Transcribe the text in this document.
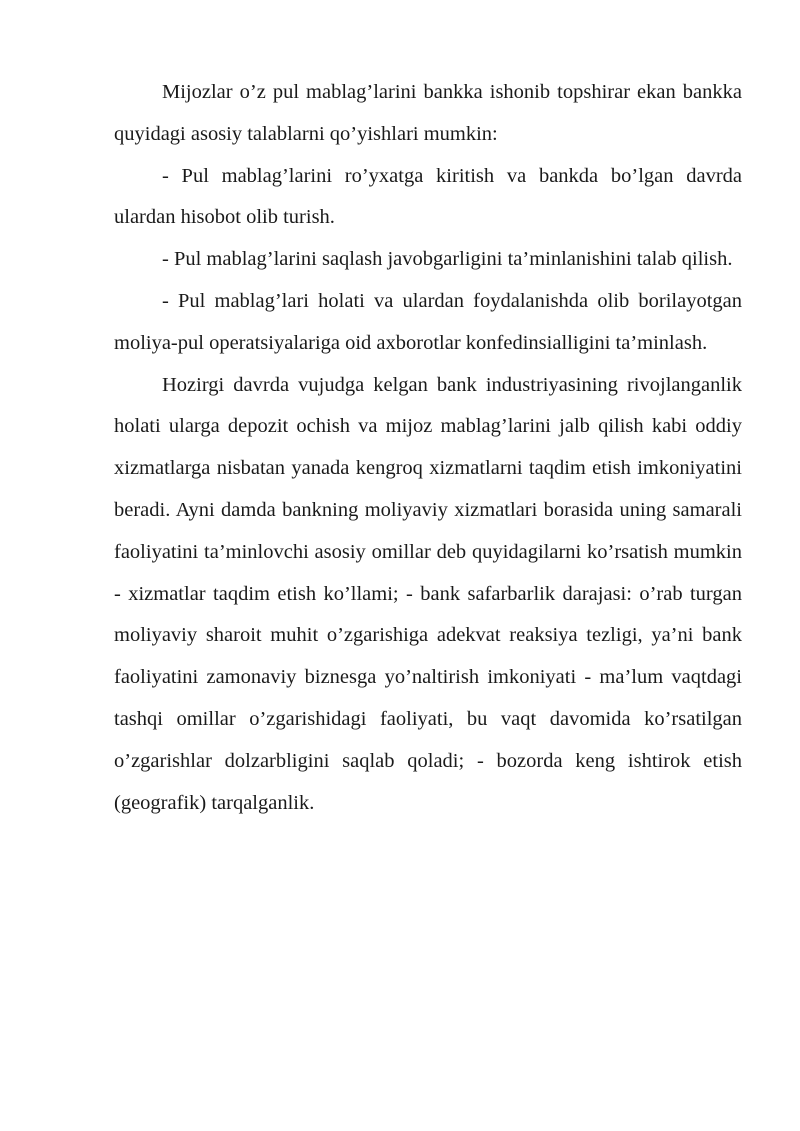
Mijozlar o’z pul mablag’larini bankka ishonib topshirar ekan bankka quyidagi asosiy talablarni qo’yishlari mumkin:

- Pul mablag’larini ro’yxatga kiritish va bankda bo’lgan davrda ulardan hisobot olib turish.

- Pul mablag’larini saqlash javobgarligini ta’minlanishini talab qilish.

- Pul mablag’lari holati va ulardan foydalanishda olib borilayotgan moliya-pul operatsiyalariga oid axborotlar konfedinsialligini ta’minlash.

Hozirgi davrda vujudga kelgan bank industriyasining rivojlanganlik holati ularga depozit ochish va mijoz mablag’larini jalb qilish kabi oddiy xizmatlarga nisbatan yanada kengroq xizmatlarni taqdim etish imkoniyatini beradi. Ayni damda bankning moliyaviy xizmatlari borasida uning samarali faoliyatini ta’minlovchi asosiy omillar deb quyidagilarni ko’rsatish mumkin - xizmatlar taqdim etish ko’llami; - bank safarbarlik darajasi: o’rab turgan moliyaviy sharoit muhit o’zgarishiga adekvat reaksiya tezligi, ya’ni bank faoliyatini zamonaviy biznesga yo’naltirish imkoniyati - ma’lum vaqtdagi tashqi omillar o’zgarishidagi faoliyati, bu vaqt davomida ko’rsatilgan o’zgarishlar dolzarbligini saqlab qoladi; - bozorda keng ishtirok etish (geografik) tarqalganlik.
